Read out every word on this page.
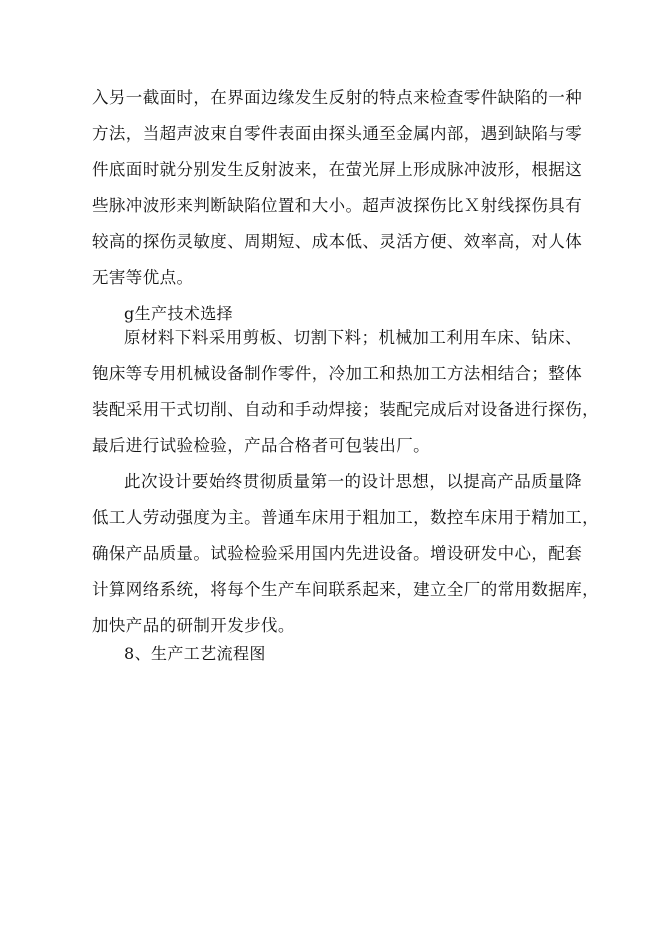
入另一截面时，在界面边缘发生反射的特点来检查零件缺陷的一种
方法，当超声波束自零件表面由探头通至金属内部，遇到缺陷与零
件底面时就分别发生反射波来，在萤光屏上形成脉冲波形，根据这
些脉冲波形来判断缺陷位置和大小。超声波探伤比Ｘ射线探伤具有
较高的探伤灵敏度、周期短、成本低、灵活方便、效率高，对人体
无害等优点。
g生产技术选择
原材料下料采用剪板、切割下料；机械加工利用车床、钻床、
铇床等专用机械设备制作零件，冷加工和热加工方法相结合；整体
装配采用干式切削、自动和手动焊接；装配完成后对设备进行探伤，
最后进行试验检验，产品合格者可包装出厂。
此次设计要始终贯彻质量第一的设计思想，以提高产品质量降
低工人劳动强度为主。普通车床用于粗加工，数控车床用于精加工，
确保产品质量。试验检验采用国内先进设备。增设研发中心，配套
计算网络系统，将每个生产车间联系起来，建立全厂的常用数据库，
加快产品的研制开发步伐。
8、生产工艺流程图
